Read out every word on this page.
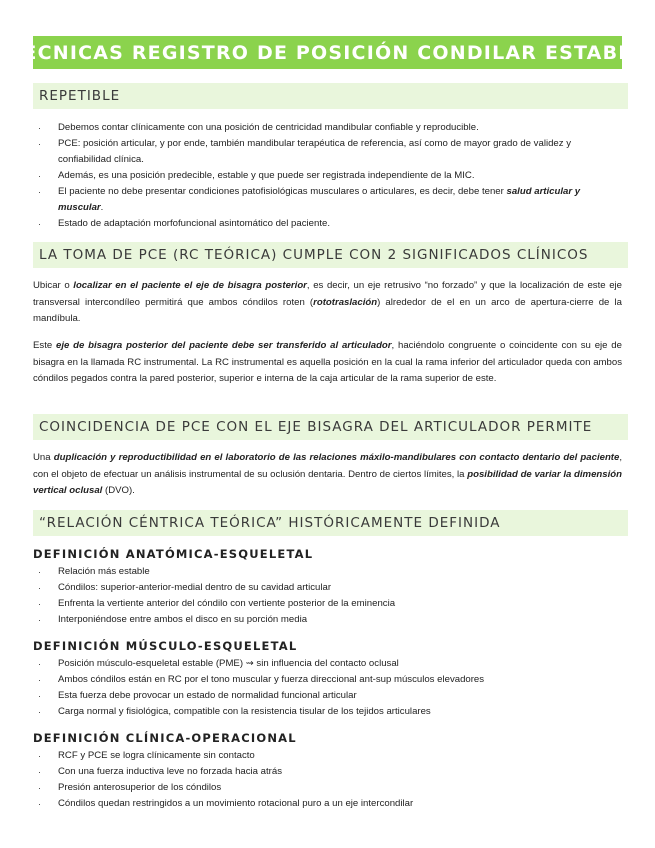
TÉCNICAS REGISTRO DE POSICIÓN CONDILAR ESTABLE
REPETIBLE
· Debemos contar clínicamente con una posición de centricidad mandibular confiable y reproducible.
· PCE: posición articular, y por ende, también mandibular terapéutica de referencia, así como de mayor grado de validez y confiabilidad clínica.
· Además, es una posición predecible, estable y que puede ser registrada independiente de la MIC.
· El paciente no debe presentar condiciones patofisiológicas musculares o articulares, es decir, debe tener salud articular y muscular.
· Estado de adaptación morfofuncional asintomático del paciente.
LA TOMA DE PCE (RC TEÓRICA) CUMPLE CON 2 SIGNIFICADOS CLÍNICOS

Ubicar o localizar en el paciente el eje de bisagra posterior, es decir, un eje retrusivo “no forzado” y que la localización de este eje transversal intercondíleo permitirá que ambos cóndilos roten (rototraslación) alrededor de el en un arco de apertura-cierre de la mandíbula.

Este eje de bisagra posterior del paciente debe ser transferido al articulador, haciéndolo congruente o coincidente con su eje de bisagra en la llamada RC instrumental. La RC instrumental es aquella posición en la cual la rama inferior del articulador queda con ambos cóndilos pegados contra la pared posterior, superior e interna de la caja articular de la rama superior de este.

COINCIDENCIA DE PCE CON EL EJE BISAGRA DEL ARTICULADOR PERMITE

Una duplicación y reproductibilidad en el laboratorio de las relaciones máxilo-mandibulares con contacto dentario del paciente, con el objeto de efectuar un análisis instrumental de su oclusión dentaria. Dentro de ciertos límites, la posibilidad de variar la dimensión vertical oclusal (DVO).

“RELACIÓN CÉNTRICA TEÓRICA” HISTÓRICAMENTE DEFINIDA
DEFINICIÓN ANATÓMICA-ESQUELETAL
· Relación más estable
· Cóndilos: superior-anterior-medial dentro de su cavidad articular
· Enfrenta la vertiente anterior del cóndilo con vertiente posterior de la eminencia
· Interponiéndose entre ambos el disco en su porción media
DEFINICIÓN MÚSCULO-ESQUELETAL
· Posición músculo-esqueletal estable (PME) ⇝ sin influencia del contacto oclusal
· Ambos cóndilos están en RC por el tono muscular y fuerza direccional ant-sup músculos elevadores
· Esta fuerza debe provocar un estado de normalidad funcional articular
· Carga normal y fisiológica, compatible con la resistencia tisular de los tejidos articulares
DEFINICIÓN CLÍNICA-OPERACIONAL
· RCF y PCE se logra clínicamente sin contacto
· Con una fuerza inductiva leve no forzada hacia atrás
· Presión anterosuperior de los cóndilos
· Cóndilos quedan restringidos a un movimiento rotacional puro a un eje intercondilar
